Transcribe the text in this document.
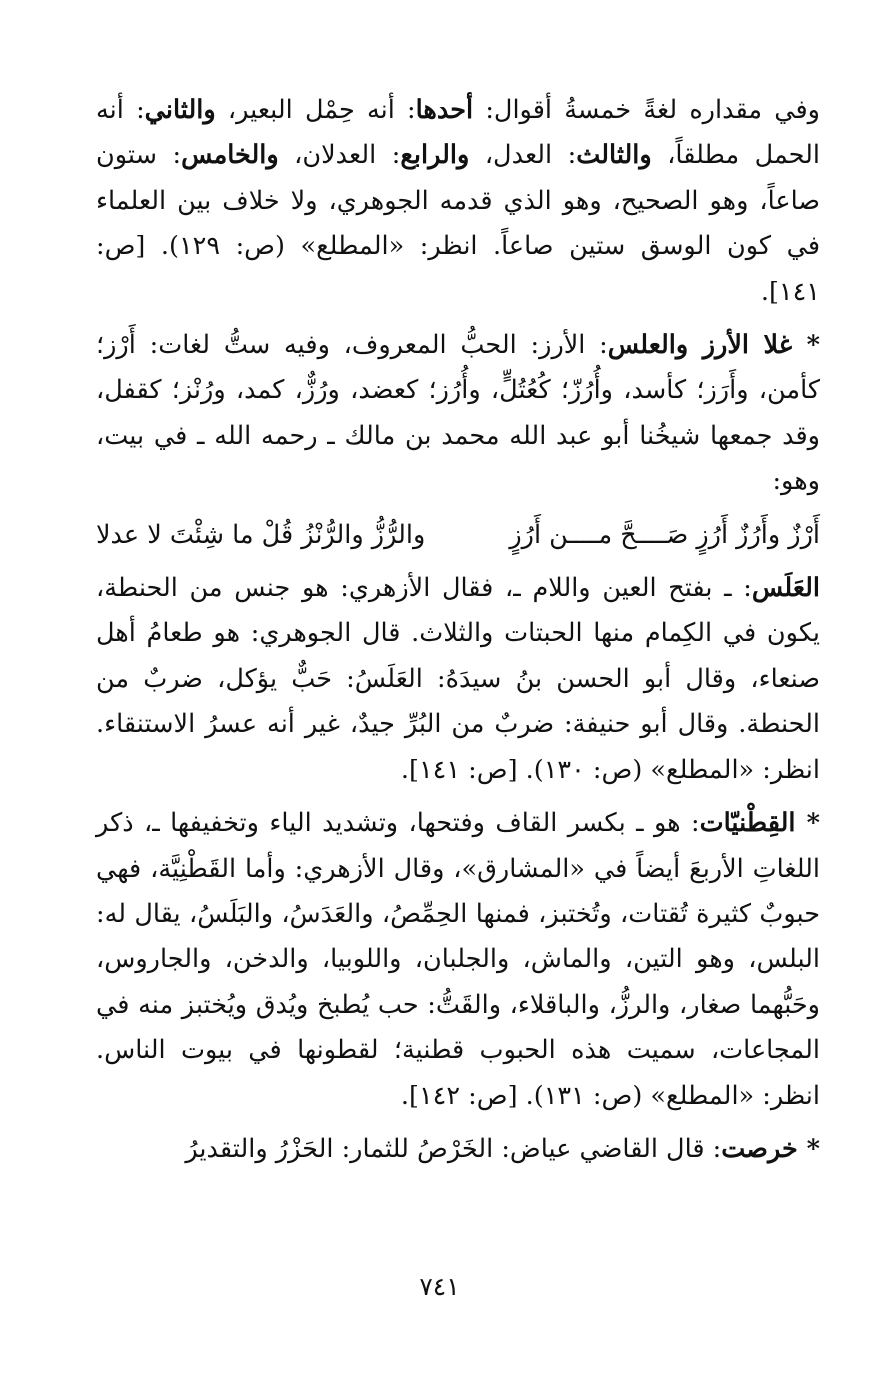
وفي مقداره لغةً خمسةُ أقوال: أحدها: أنه حِمْل البعير، والثاني: أنه الحمل مطلقاً، والثالث: العدل، والرابع: العدلان، والخامس: ستون صاعاً، وهو الصحيح، وهو الذي قدمه الجوهري، ولا خلاف بين العلماء في كون الوسق ستين صاعاً. انظر: «المطلع» (ص: ١٢٩). [ص: ١٤١].

* غلا الأرز والعلس: الأرز: الحبُّ المعروف، وفيه ستُّ لغات: أَرْز؛ كأمن، وأَرَز؛ كأسد، وأُرُزّ؛ كُعُتُلٍّ، وأُرُز؛ كعضد، ورُزٌّ، كمد، ورُنْز؛ كقفل، وقد جمعها شيخُنا أبو عبد الله محمد بن مالك ـ رحمه الله ـ في بيت، وهو:

أَرْزٌ وأَرُزٌ أَرُزٍ صَــــحَّ مــــن أَرُزٍ
والرُّزُّ والرُّنْزُ قُلْ ما شِئْتَ لا عدلا

العَلَس: ـ بفتح العين واللام ـ، فقال الأزهري: هو جنس من الحنطة، يكون في الكِمام منها الحبتات والثلاث. قال الجوهري: هو طعامُ أهل صنعاء، وقال أبو الحسن بنُ سيدَهُ: العَلَسُ: حَبٌّ يؤكل، ضربٌ من الحنطة. وقال أبو حنيفة: ضربٌ من البُرِّ جيدٌ، غير أنه عسرُ الاستنقاء. انظر: «المطلع» (ص: ١٣٠). [ص: ١٤١].

* القِطْنيّات: هو ـ بكسر القاف وفتحها، وتشديد الياء وتخفيفها ـ، ذكر اللغاتِ الأربعَ أيضاً في «المشارق»، وقال الأزهري: وأما القَطْنِيَّة، فهي حبوبٌ كثيرة تُقتات، وتُختبز، فمنها الحِمِّصُ، والعَدَسُ، والبَلَسُ، يقال له: البلس، وهو التين، والماش، والجلبان، واللوبيا، والدخن، والجاروس، وحَبُّهما صغار، والرزُّ، والباقلاء، والقَتُّ: حب يُطبخ ويُدق ويُختبز منه في المجاعات، سميت هذه الحبوب قطنية؛ لقطونها في بيوت الناس. انظر: «المطلع» (ص: ١٣١). [ص: ١٤٢].

* خرصت: قال القاضي عياض: الخَرْصُ للثمار: الحَزْرُ والتقديرُ

٧٤١
